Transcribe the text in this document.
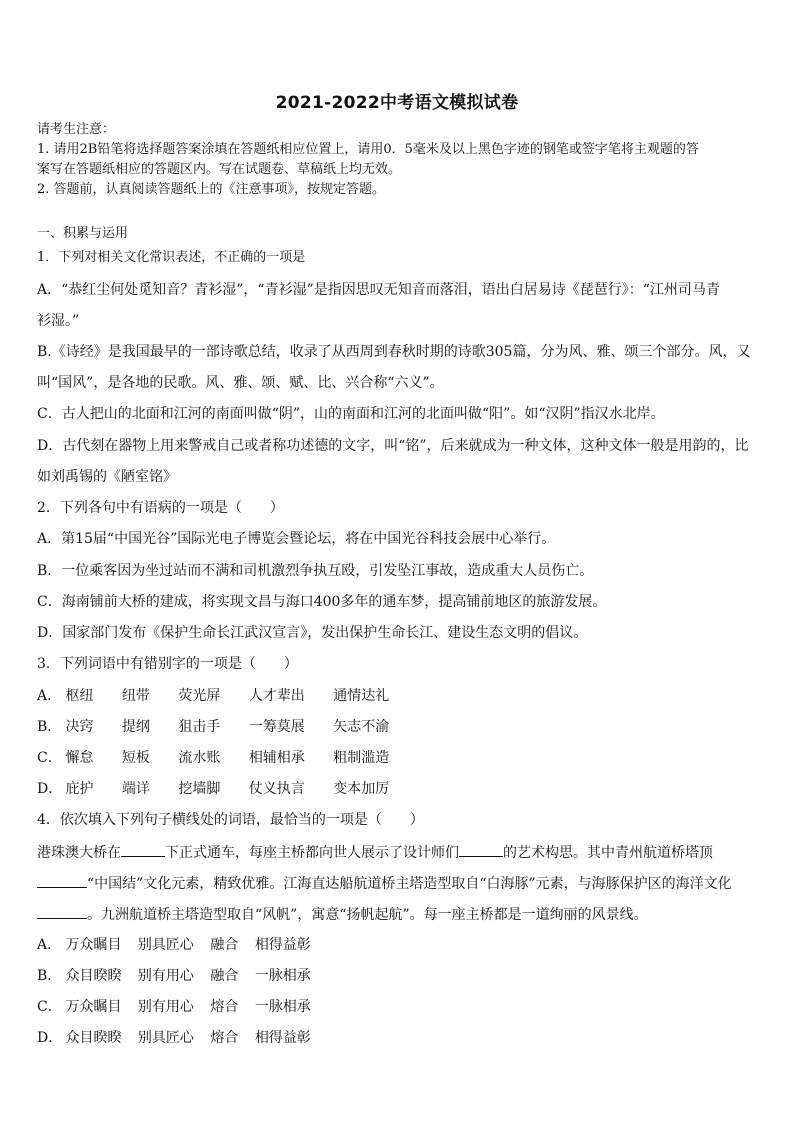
2021-2022中考语文模拟试卷
请考生注意：
1. 请用2B铅笔将选择题答案涂填在答题纸相应位置上，请用0．5毫米及以上黑色字迹的钢笔或签字笔将主观题的答
案写在答题纸相应的答题区内。写在试题卷、草稿纸上均无效。
2. 答题前，认真阅读答题纸上的《注意事项》，按规定答题。
一、积累与运用
1．下列对相关文化常识表述，不正确的一项是
A．“恭红尘何处觅知音？青衫湿”，“青衫湿”是指因思叹无知音而落泪，语出白居易诗《琵琶行》：“江州司马青
衫湿。”
B.《诗经》是我国最早的一部诗歌总结，收录了从西周到春秋时期的诗歌305篇，分为风、雅、颂三个部分。风，又
叫“国风”，是各地的民歌。风、雅、颂、赋、比、兴合称“六义”。
C．古人把山的北面和江河的南面叫做“阴”，山的南面和江河的北面叫做“阳”。如“汉阴”指汉水北岸。
D．古代刻在器物上用来警戒自己或者称功述德的文字，叫“铭”，后来就成为一种文体，这种文体一般是用韵的，比
如刘禹锡的《陋室铭》
2．下列各句中有语病的一项是（　　）
A．第15届“中国光谷”国际光电子博览会暨论坛，将在中国光谷科技会展中心举行。
B．一位乘客因为坐过站而不满和司机激烈争执互殴，引发坠江事故，造成重大人员伤亡。
C．海南铺前大桥的建成，将实现文昌与海口400多年的通车梦，提高铺前地区的旅游发展。
D．国家部门发布《保护生命长江武汉宣言》，发出保护生命长江、建设生态文明的倡议。
3．下列词语中有错别字的一项是（　　）
A． 枢纽 纽带 荧光屏 人才辈出 通情达礼
B． 决窍 提纲 狙击手 一筹莫展 矢志不渝
C． 懈怠 短板 流水账 相辅相承 粗制滥造
D． 庇护 端详 挖墙脚 仗义执言 变本加厉
4．依次填入下列句子横线处的词语，最恰当的一项是（　　）
港珠澳大桥在	下正式通车，每座主桥都向世人展示了设计师们	的艺术构思。其中青州航道桥塔顶
“中国结”文化元素，精致优雅。江海直达船航道桥主塔造型取自“白海豚”元素，与海豚保护区的海洋文化
。九洲航道桥主塔造型取自“风帆”，寓意“扬帆起航”。每一座主桥都是一道绚丽的风景线。
A． 万众瞩目 别具匠心 融合 相得益彰
B． 众目睽睽 别有用心 融合 一脉相承
C． 万众瞩目 别有用心 熔合 一脉相承
D． 众目睽睽 别具匠心 熔合 相得益彰
